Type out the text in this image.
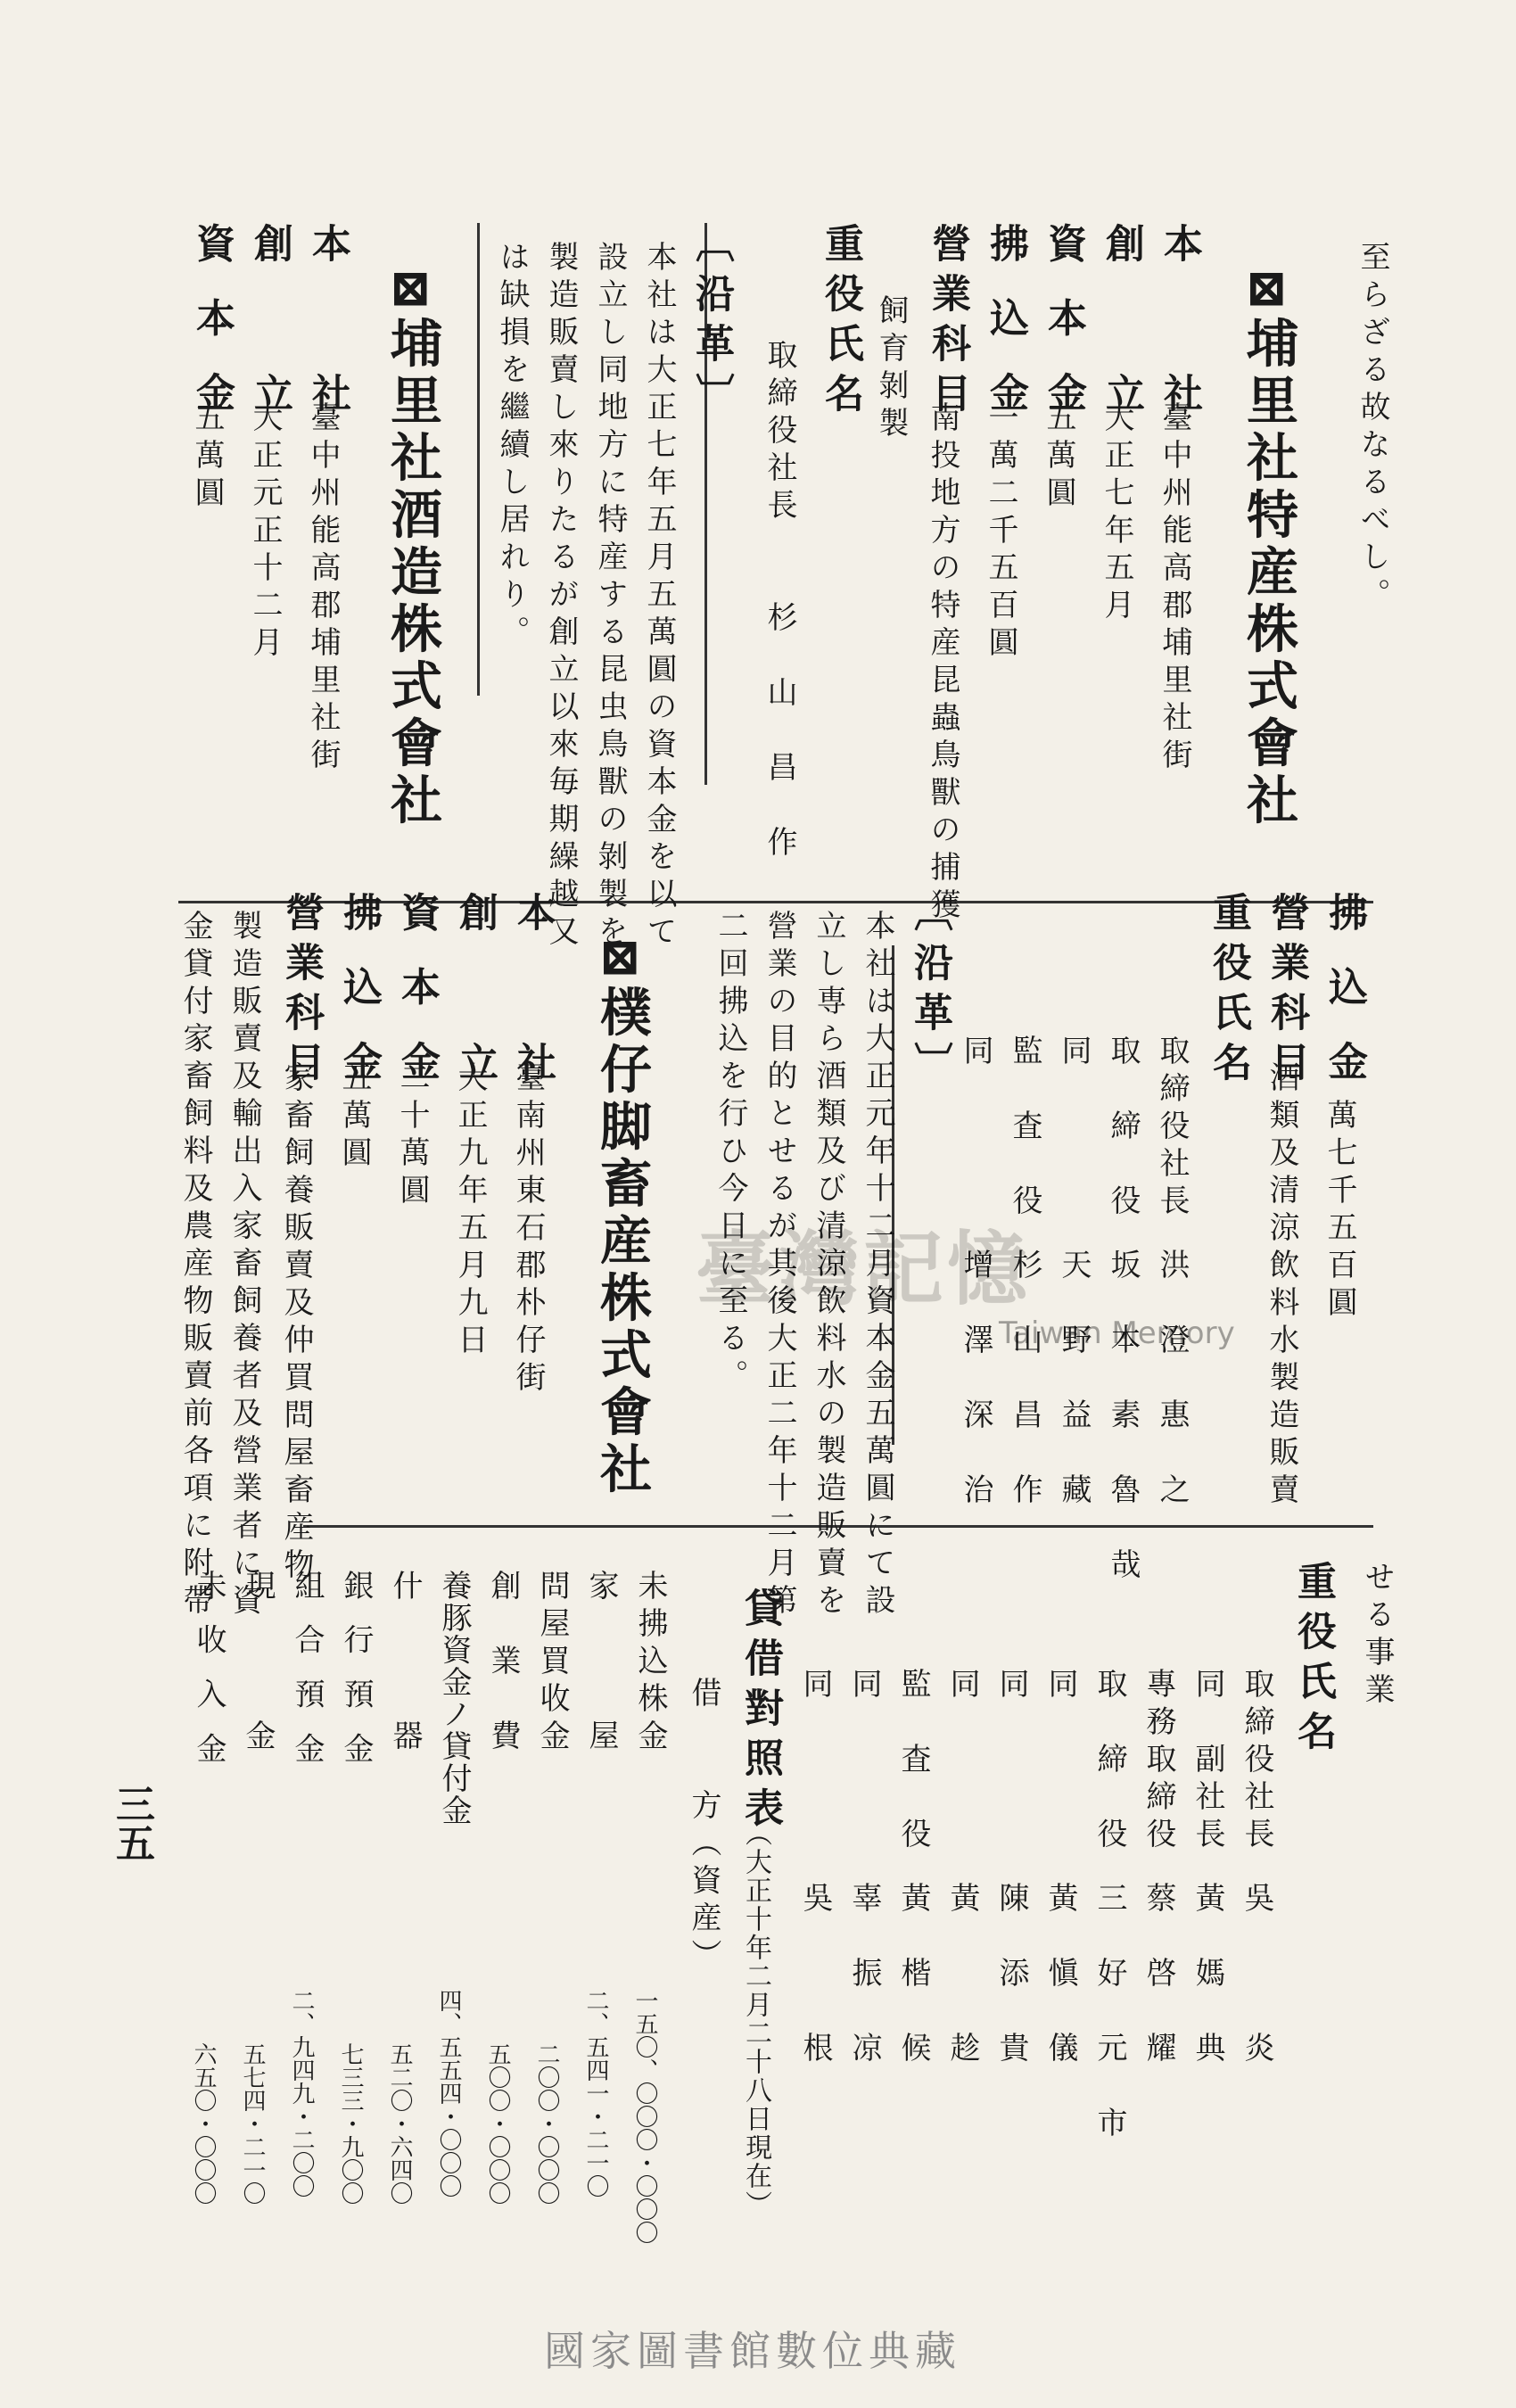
至らざる故なるべし。
⊠埔里社特産株式會社
本　　社
臺中州能高郡埔里社街
創　　立
大正七年五月
資 本 金
五萬圓
拂 込 金
一萬二千五百圓
營業科目
南投地方の特産昆蟲鳥獸の捕獲
飼育剝製
重役氏名
取締役社長　　杉　山　昌　作
〔沿革〕
本社は大正七年五月五萬圓の資本金を以て
設立し同地方に特産する昆虫鳥獸の剝製を
製造販賣し來りたるが創立以來毎期繰越又
は缺損を繼續し居れり。
⊠埔里社酒造株式會社
本　　社
臺中州能高郡埔里社街
創　　立
大正元正十二月
資 本 金
五萬圓
拂 込 金
一萬七千五百圓
營業科目
酒類及清涼飲料水製造販賣
重役氏名
取締役社長
洪　澄　惠　之
取　締　役
坂　本　素　魯　哉
同
天　野　益　藏
監　査　役
杉　山　昌　作
同
增　澤　深　治
〔沿革〕
本社は大正元年十二月資本金五萬圓にて設
立し専ら酒類及び清涼飲料水の製造販賣を
營業の目的とせるが其後大正二年十二月第
二回拂込を行ひ今日に至る。
⊠樸仔脚畜産株式會社
本　　社
臺南州東石郡朴仔街
創　　立
大正九年五月九日
資 本 金
二十萬圓
拂 込 金
五萬圓
營業科目
家畜飼養販賣及仲買問屋畜産物
製造販賣及輸出入家畜飼養者及營業者に資
金貸付家畜飼料及農産物販賣前各項に附帶
せる事業
重役氏名
取締役社長
吳　　　炎
同　副社長
黃　媽　典
專務取締役
蔡　啓　耀
取　締　役
三　好　元　市
同
黃　愼　儀
同
陳　添　貴
同
黃　　　趁
監　査　役
黃　楷　候
同
辜　振　凉
同
吳　　　根
貸借對照表
（大正十年二月二十八日現在）
借　　方（資産）
未拂込株金
一五〇、〇〇〇・〇〇〇
家　　　屋
二、五四一・二一〇
問屋買收金
二〇〇・〇〇〇
創　業　費
五〇〇・〇〇〇
養豚資金ノ貸付金
四、五五四・〇〇〇
什　　　器
五二〇・六四〇
銀 行 預 金
七三三・九〇〇
組 合 預 金
二、九四九・二〇〇
現　　　金
五七四・二一〇
未 收 入 金
六五〇・〇〇〇
三五
臺灣記憶
Taiwan Memory
國家圖書館數位典藏
